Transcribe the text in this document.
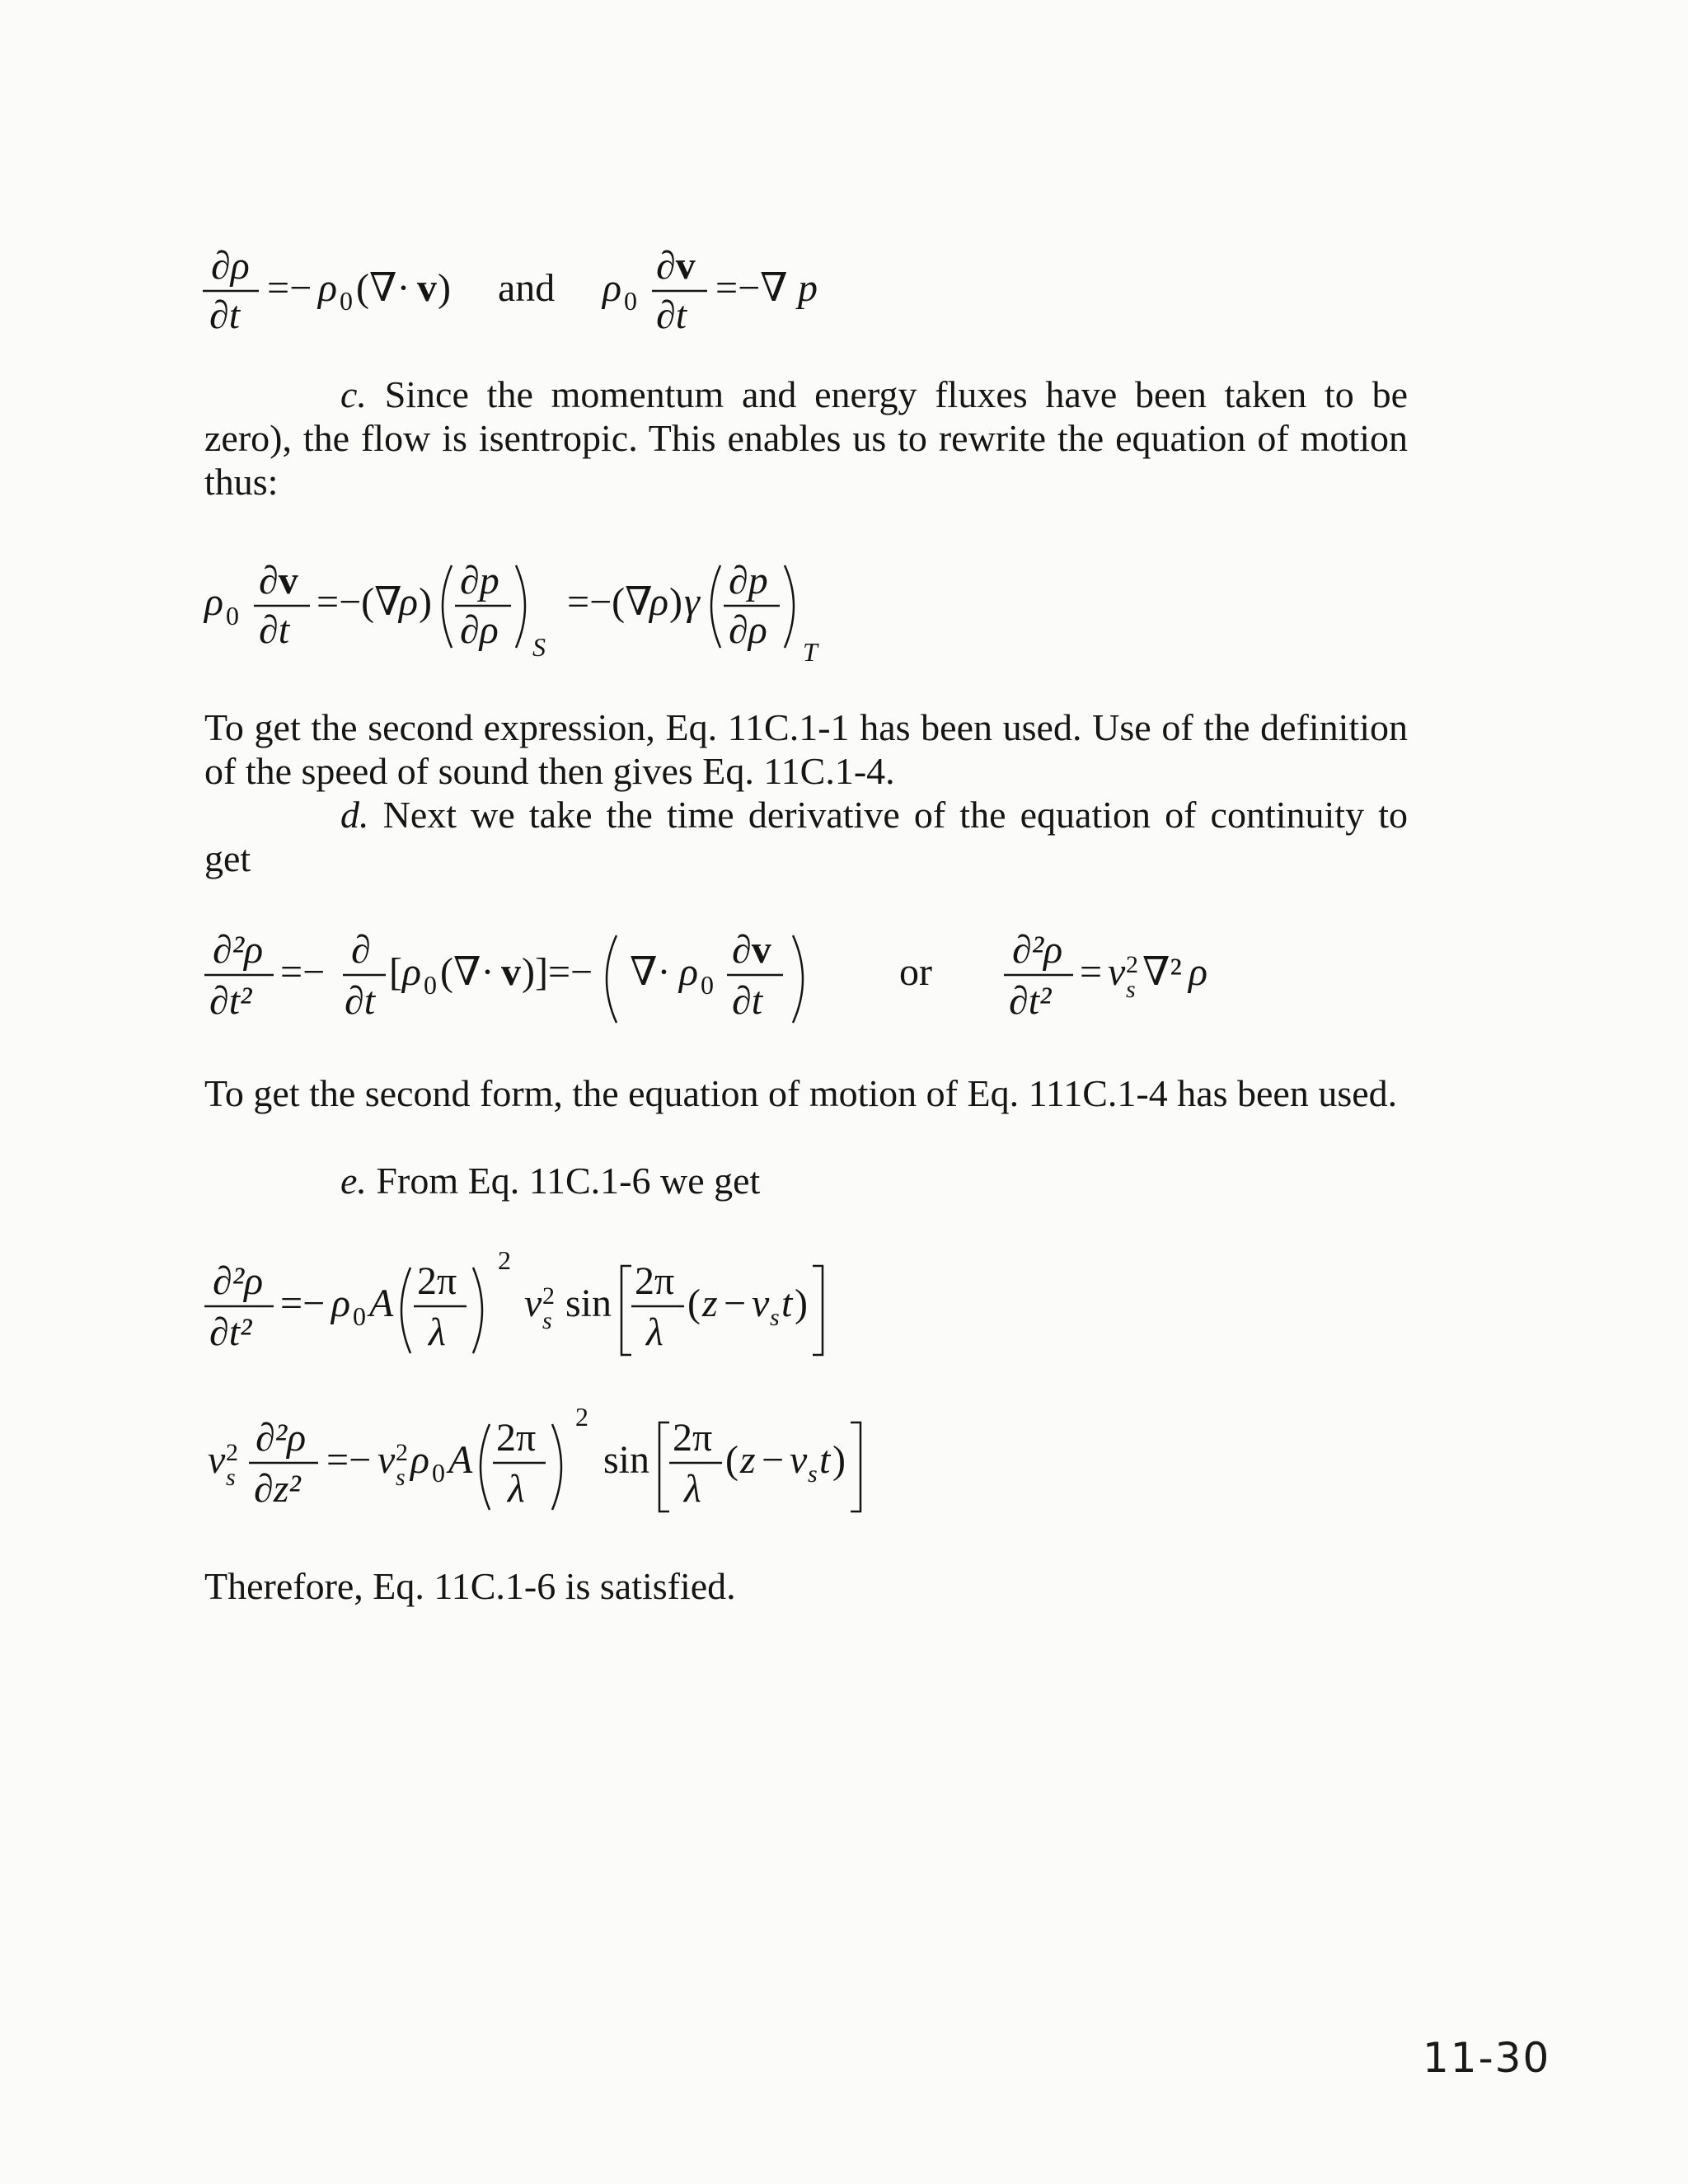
∂ρ
∂t
=− ρ 0 (∇· v ) and ρ 0
∂v
∂t
=−∇ p

c. Since the momentum and energy fluxes have been taken to be zero), the flow is isentropic. This enables us to rewrite the equation of motion thus:

ρ 0
∂v
∂t
=−(∇
ρ ) ∂p
∂ρ S
=−(∇
ρ ) γ ∂p
∂ρ T

To get the second expression, Eq. 11C.1-1 has been used. Use of the definition of the speed of sound then gives Eq. 11C.1-4.

d. Next we take the time derivative of the equation of continuity to get

∂²ρ
∂t²
=−
∂
∂t
[ ρ 0 (∇· v )]=− ∇· ρ 0
∂v
∂t
or
∂²ρ
∂t²
= v 2
s ∇² ρ

To get the second form, the equation of motion of Eq. 111C.1-4 has been used.

e. From Eq. 11C.1-6 we get

∂²ρ
∂t²
=− ρ 0 A
2π
λ
2
v 2
s sin
2π
λ
( z − v s t )
v 2
s
∂²ρ
∂z²
=− v 2
s ρ 0 A
2π
λ
2
sin
2π
λ
( z − v s t )

Therefore, Eq. 11C.1-6 is satisfied.

11-30
